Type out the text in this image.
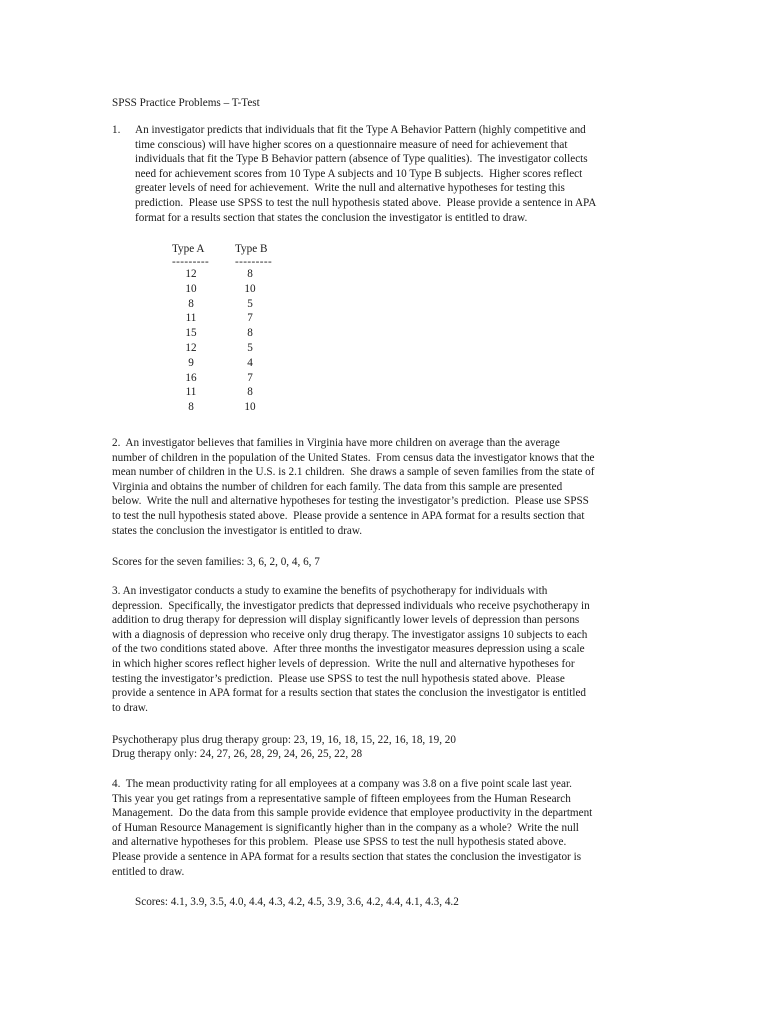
SPSS Practice Problems – T-Test
1. An investigator predicts that individuals that fit the Type A Behavior Pattern (highly competitive and
time conscious) will have higher scores on a questionnaire measure of need for achievement that
individuals that fit the Type B Behavior pattern (absence of Type qualities).  The investigator collects
need for achievement scores from 10 Type A subjects and 10 Type B subjects.  Higher scores reflect
greater levels of need for achievement.  Write the null and alternative hypotheses for testing this
prediction.  Please use SPSS to test the null hypothesis stated above.  Please provide a sentence in APA
format for a results section that states the conclusion the investigator is entitled to draw.
Type A
---------
12
10
8
11
15
12
9
16
11
8
Type B
---------
8
10
5
7
8
5
4
7
8
10
2.  An investigator believes that families in Virginia have more children on average than the average
number of children in the population of the United States.  From census data the investigator knows that the
mean number of children in the U.S. is 2.1 children.  She draws a sample of seven families from the state of
Virginia and obtains the number of children for each family. The data from this sample are presented
below.  Write the null and alternative hypotheses for testing the investigator’s prediction.  Please use SPSS
to test the null hypothesis stated above.  Please provide a sentence in APA format for a results section that
states the conclusion the investigator is entitled to draw.
Scores for the seven families: 3, 6, 2, 0, 4, 6, 7
3. An investigator conducts a study to examine the benefits of psychotherapy for individuals with
depression.  Specifically, the investigator predicts that depressed individuals who receive psychotherapy in
addition to drug therapy for depression will display significantly lower levels of depression than persons
with a diagnosis of depression who receive only drug therapy. The investigator assigns 10 subjects to each
of the two conditions stated above.  After three months the investigator measures depression using a scale
in which higher scores reflect higher levels of depression.  Write the null and alternative hypotheses for
testing the investigator’s prediction.  Please use SPSS to test the null hypothesis stated above.  Please
provide a sentence in APA format for a results section that states the conclusion the investigator is entitled
to draw.
Psychotherapy plus drug therapy group: 23, 19, 16, 18, 15, 22, 16, 18, 19, 20
Drug therapy only: 24, 27, 26, 28, 29, 24, 26, 25, 22, 28
4.  The mean productivity rating for all employees at a company was 3.8 on a five point scale last year.
This year you get ratings from a representative sample of fifteen employees from the Human Research
Management.  Do the data from this sample provide evidence that employee productivity in the department
of Human Resource Management is significantly higher than in the company as a whole?  Write the null
and alternative hypotheses for this problem.  Please use SPSS to test the null hypothesis stated above.
Please provide a sentence in APA format for a results section that states the conclusion the investigator is
entitled to draw.
Scores: 4.1, 3.9, 3.5, 4.0, 4.4, 4.3, 4.2, 4.5, 3.9, 3.6, 4.2, 4.4, 4.1, 4.3, 4.2
